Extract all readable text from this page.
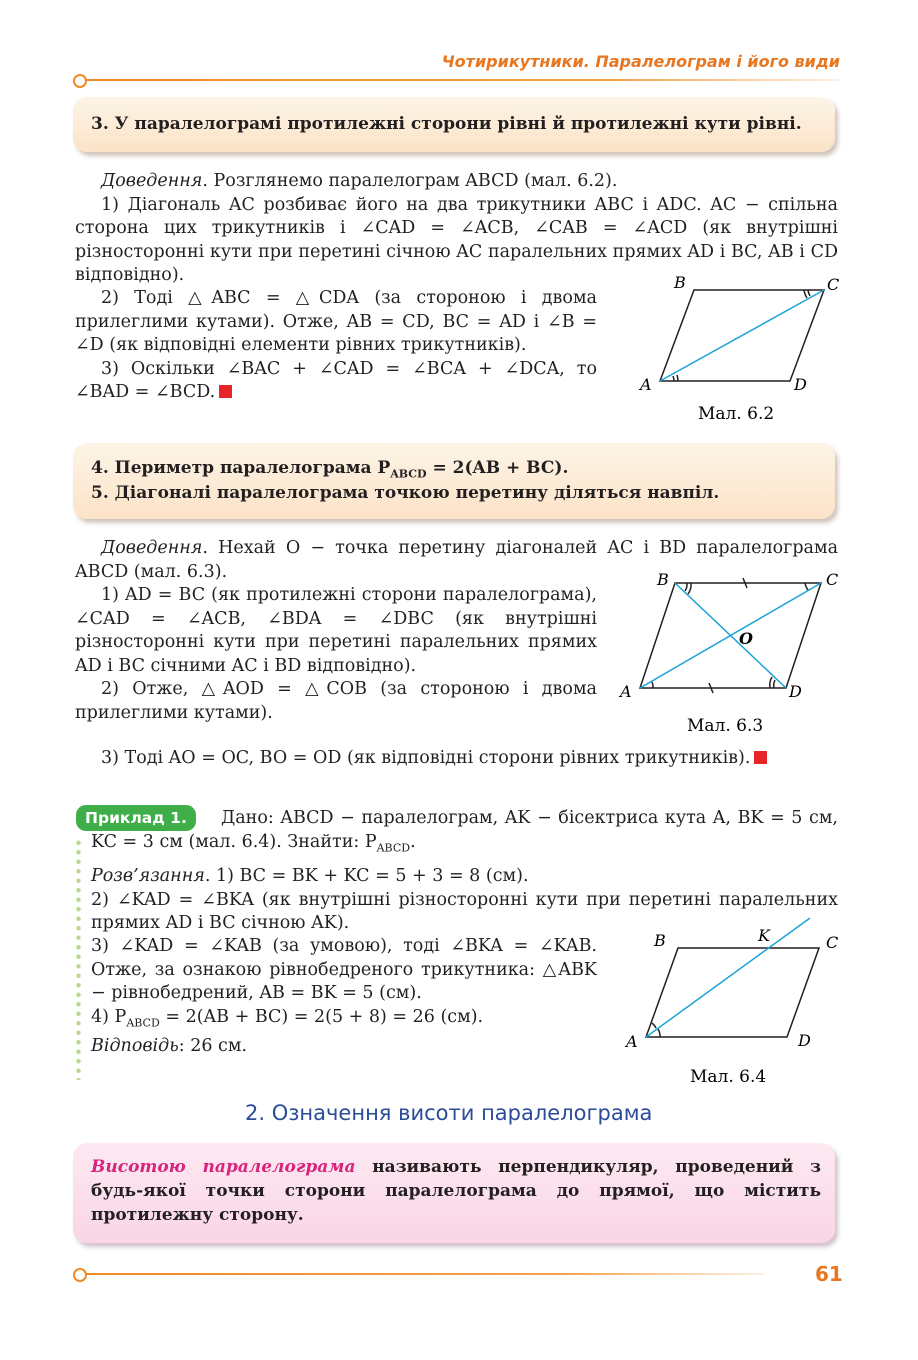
Чотирикутники. Паралелограм і його види
3. У паралелограмі протилежні сторони рівні й протилежні кути рівні.

Доведення. Розглянемо паралелограм ABCD (мал. 6.2).

1) Діагональ AC розбиває його на два трикутники ABC і ADC. AC − спільна сторона цих трикутників і ∠CAD = ∠ACB, ∠CAB = ∠ACD (як внутрішні різносторонні кути при перетині січною AC паралельних прямих AD і BC, AB і CD відповідно).

2) Тоді △ABC = △CDA (за стороною і двома прилеглими кутами). Отже, AB = CD, BC = AD і ∠B = ∠D (як відповідні елементи рівних трикутників).

3) Оскільки ∠BAC + ∠CAD = ∠BCA + ∠DCA, то ∠BAD = ∠BCD.

B	C
A	D
Мал. 6.2
4. Периметр паралелограма $P_{ABCD} = 2(AB + BC)$.
5. Діагоналі паралелограма точкою перетину діляться навпіл.

Доведення. Нехай O − точка перетину діагоналей AC і BD паралелограма ABCD (мал. 6.3).

1) AD = BC (як протилежні сторони паралелограма), ∠CAD = ∠ACB, ∠BDA = ∠DBC (як внутрішні різносторонні кути при перетині паралельних прямих AD і BC січними AC і BD відповідно).

2) Отже, △AOD = △COB (за стороною і двома прилеглими кутами).

3) Тоді AO = OC, BO = OD (як відповідні сторони рівних трикутників).

B	C
A	D
O
Мал. 6.3
Приклад 1.	Дано: ABCD − паралелограм, AK − бісектриса кута A, BK = 5 см, KC = 3 см (мал. 6.4). Знайти: $P_{ABCD}$.

Розв’язання. 1) BC = BK + KC = 5 + 3 = 8 (см).

2) ∠KAD = ∠BKA (як внутрішні різносторонні кути при перетині паралельних прямих AD і BC січною AK).

3) ∠KAD = ∠KAB (за умовою), тоді ∠BKA = ∠KAB. Отже, за ознакою рівнобедреного трикутника: △ABK − рівнобедрений, AB = BK = 5 (см).

4) $P_{ABCD} = 2(AB + BC) = 2(5 + 8) = 26$ (см).

Відповідь: 26 см.

B	K	C
A	D
Мал. 6.4
2. Означення висоти паралелограма
Висотою паралелограма називають перпендикуляр, проведений з будь-якої точки сторони паралелограма до прямої, що містить протилежну сторону.
61
